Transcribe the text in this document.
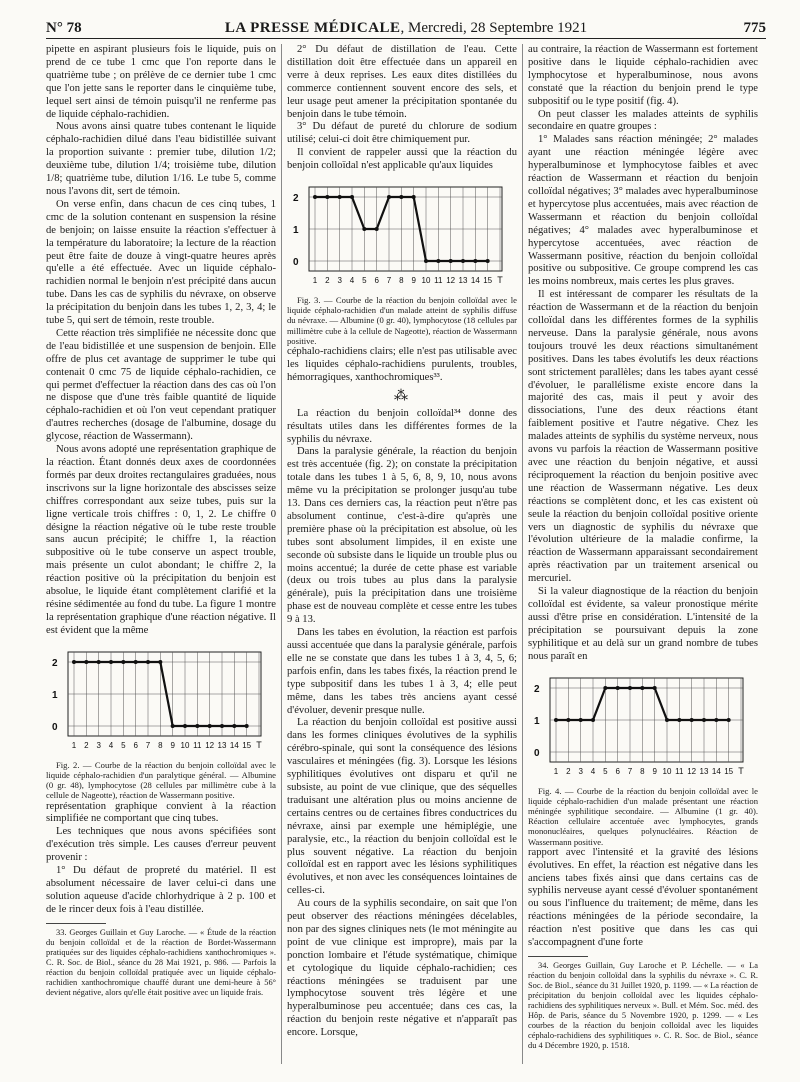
N° 78	LA PRESSE MÉDICALE, Mercredi, 28 Septembre 1921	775

pipette en aspirant plusieurs fois le liquide, puis on prend de ce tube 1 cmc que l'on reporte dans le quatrième tube ; on prélève de ce dernier tube 1 cmc que l'on jette sans le reporter dans le cinquième tube, lequel sert ainsi de témoin puisqu'il ne renferme pas de liquide céphalo-rachidien.

Nous avons ainsi quatre tubes contenant le liquide céphalo-rachidien dilué dans l'eau bidistillée suivant la proportion suivante : premier tube, dilution 1/2; deuxième tube, dilution 1/4; troisième tube, dilution 1/8; quatrième tube, dilution 1/16. Le tube 5, comme nous l'avons dit, sert de témoin.

On verse enfin, dans chacun de ces cinq tubes, 1 cmc de la solution contenant en suspension la résine de benjoin; on laisse ensuite la réaction s'effectuer à la température du laboratoire; la lecture de la réaction peut être faite de douze à vingt-quatre heures après qu'elle a été effectuée. Avec un liquide céphalo-rachidien normal le benjoin n'est précipité dans aucun tube. Dans les cas de syphilis du névraxe, on observe la précipitation du benjoin dans les tubes 1, 2, 3, 4; le tube 5, qui sert de témoin, reste trouble.

Cette réaction très simplifiée ne nécessite donc que de l'eau bidistillée et une suspension de benjoin. Elle offre de plus cet avantage de supprimer le tube qui contenait 0 cmc 75 de liquide céphalo-rachidien, ce qui permet d'effectuer la réaction dans des cas où l'on ne dispose que d'une très faible quantité de liquide céphalo-rachidien et où l'on veut cependant pratiquer d'autres recherches (dosage de l'albumine, dosage du glycose, réaction de Wassermann).

Nous avons adopté une représentation graphique de la réaction. Étant donnés deux axes de coordonnées formés par deux droites rectangulaires graduées, nous inscrivons sur la ligne horizontale des abscisses seize chiffres correspondant aux seize tubes, puis sur la ligne verticale trois chiffres : 0, 1, 2. Le chiffre 0 désigne la réaction négative où le tube reste trouble sans aucun précipité; le chiffre 1, la réaction subpositive où le tube conserve un aspect trouble, mais présente un culot abondant; le chiffre 2, la réaction positive où la précipitation du benjoin est absolue, le liquide étant complètement clarifié et la résine sédimentée au fond du tube. La figure 1 montre la représentation graphique d'une réaction négative. Il est évident que la même

0
1
2
1 2 3 4 5 6 7 8 9 10 11 12 13 14 15 T

Fig. 2. — Courbe de la réaction du benjoin colloïdal avec le liquide céphalo-rachidien d'un paralytique général. — Albumine (0 gr. 48), lymphocytose (28 cellules par millimètre cube à la cellule de Nageotte), réaction de Wassermann positive.

représentation graphique convient à la réaction simplifiée ne comportant que cinq tubes.

Les techniques que nous avons spécifiées sont d'exécution très simple. Les causes d'erreur peuvent provenir :

1° Du défaut de propreté du matériel. Il est absolument nécessaire de laver celui-ci dans une solution aqueuse d'acide chlorhydrique à 2 p. 100 et de le rincer deux fois à l'eau distillée.

33. Georges Guillain et Guy Laroche. — « Étude de la réaction du benjoin colloïdal et de la réaction de Bordet-Wassermann pratiquées sur des liquides céphalo-rachidiens xanthochromiques ». C. R. Soc. de Biol., séance du 28 Mai 1921, p. 986. — Parfois la réaction du benjoin colloïdal pratiquée avec un liquide céphalo-rachidien xanthochromique chauffé durant une demi-heure à 56° devient négative, alors qu'elle était positive avec un liquide frais.

2° Du défaut de distillation de l'eau. Cette distillation doit être effectuée dans un appareil en verre à deux reprises. Les eaux dites distillées du commerce contiennent souvent encore des sels, et leur usage peut amener la précipitation spontanée du benjoin dans le tube témoin.

3° Du défaut de pureté du chlorure de sodium utilisé; celui-ci doit être chimiquement pur.

Il convient de rappeler aussi que la réaction du benjoin colloïdal n'est applicable qu'aux liquides

0
1
2
1 2 3 4 5 6 7 8 9 10 11 12 13 14 15 T

Fig. 3. — Courbe de la réaction du benjoin colloïdal avec le liquide céphalo-rachidien d'un malade atteint de syphilis diffuse du névraxe. — Albumine (0 gr. 40), lymphocytose (18 cellules par millimètre cube à la cellule de Nageotte), réaction de Wassermann positive.

céphalo-rachidiens clairs; elle n'est pas utilisable avec les liquides céphalo-rachidiens purulents, troubles, hémorragiques, xanthochromiques³³.

⁂

La réaction du benjoin colloïdal³⁴ donne des résultats utiles dans les différentes formes de la syphilis du névraxe.

Dans la paralysie générale, la réaction du benjoin est très accentuée (fig. 2); on constate la précipitation totale dans les tubes 1 à 5, 6, 8, 9, 10, nous avons même vu la précipitation se prolonger jusqu'au tube 13. Dans ces derniers cas, la réaction peut n'être pas absolument continue, c'est-à-dire qu'après une première phase où la précipitation est absolue, où les tubes sont absolument limpides, il en existe une seconde où subsiste dans le liquide un trouble plus ou moins accentué; la durée de cette phase est variable (deux ou trois tubes au plus dans la paralysie générale), puis la précipitation dans une troisième phase est de nouveau complète et cesse entre les tubes 9 à 13.

Dans les tabes en évolution, la réaction est parfois aussi accentuée que dans la paralysie générale, parfois elle ne se constate que dans les tubes 1 à 3, 4, 5, 6; parfois enfin, dans les tabes fixés, la réaction prend le type subpositif dans les tubes 1 à 3, 4; elle peut même, dans les tabes très anciens ayant cessé d'évoluer, devenir presque nulle.

La réaction du benjoin colloïdal est positive aussi dans les formes cliniques évolutives de la syphilis cérébro-spinale, qui sont la conséquence des lésions vasculaires et méningées (fig. 3). Lorsque les lésions syphilitiques évolutives ont disparu et qu'il ne subsiste, au point de vue clinique, que des séquelles traduisant une altération plus ou moins ancienne de certains centres ou de certaines fibres conductrices du névraxe, ainsi par exemple une hémiplégie, une paralysie, etc., la réaction du benjoin colloïdal est le plus souvent négative. La réaction du benjoin colloïdal est en rapport avec les lésions syphilitiques évolutives, et non avec les conséquences lointaines de celles-ci.

Au cours de la syphilis secondaire, on sait que l'on peut observer des réactions méningées décelables, non par des signes cliniques nets (le mot méningite au point de vue clinique est impropre), mais par la ponction lombaire et l'étude systématique, chimique et cytologique du liquide céphalo-rachidien; ces réactions méningées se traduisent par une lymphocytose souvent très légère et une hyperalbuminose peu accentuée; dans ces cas, la réaction du benjoin reste négative et n'apparaît pas encore. Lorsque,

au contraire, la réaction de Wassermann est fortement positive dans le liquide céphalo-rachidien avec lymphocytose et hyperalbuminose, nous avons constaté que la réaction du benjoin prend le type subpositif ou le type positif (fig. 4).

On peut classer les malades atteints de syphilis secondaire en quatre groupes :

1° Malades sans réaction méningée; 2° malades ayant une réaction méningée légère avec hyperalbuminose et lymphocytose faibles et avec réaction de Wassermann et réaction du benjoin colloïdal négatives; 3° malades avec hyperalbuminose et hypercytose plus accentuées, mais avec réaction de Wassermann et réaction du benjoin colloïdal négatives; 4° malades avec hyperalbuminose et hypercytose accentuées, avec réaction de Wassermann positive, réaction du benjoin colloïdal positive ou subpositive. Ce groupe comprend les cas les moins nombreux, mais certes les plus graves.

Il est intéressant de comparer les résultats de la réaction de Wassermann et de la réaction du benjoin colloïdal dans les différentes formes de la syphilis nerveuse. Dans la paralysie générale, nous avons toujours trouvé les deux réactions simultanément positives. Dans les tabes évolutifs les deux réactions sont strictement parallèles; dans les tabes ayant cessé d'évoluer, le parallélisme existe encore dans la majorité des cas, mais il peut y avoir des dissociations, l'une des deux réactions étant faiblement positive et l'autre négative. Chez les malades atteints de syphilis du système nerveux, nous avons vu parfois la réaction de Wassermann positive avec une réaction du benjoin négative, et aussi réciproquement la réaction du benjoin positive avec une réaction de Wassermann négative. Les deux réactions se complètent donc, et les cas existent où seule la réaction du benjoin colloïdal positive oriente vers un diagnostic de syphilis du névraxe que l'évolution ultérieure de la maladie confirme, la réaction de Wassermann apparaissant secondairement après réactivation par un traitement arsenical ou mercuriel.

Si la valeur diagnostique de la réaction du benjoin colloïdal est évidente, sa valeur pronostique mérite aussi d'être prise en considération. L'intensité de la précipitation se poursuivant depuis la zone syphilitique et au delà sur un grand nombre de tubes nous paraît en

0
1
2
1 2 3 4 5 6 7 8 9 10 11 12 13 14 15 T

Fig. 4. — Courbe de la réaction du benjoin colloïdal avec le liquide céphalo-rachidien d'un malade présentant une réaction méningée syphilitique secondaire. — Albumine (1 gr. 40). Réaction cellulaire accentuée avec lymphocytes, grands mononucléaires, quelques polynucléaires. Réaction de Wassermann positive.

rapport avec l'intensité et la gravité des lésions évolutives. En effet, la réaction est négative dans les anciens tabes fixés ainsi que dans certains cas de syphilis nerveuse ayant cessé d'évoluer spontanément ou sous l'influence du traitement; de même, dans les réactions méningées de la période secondaire, la réaction n'est positive que dans les cas qui s'accompagnent d'une forte

34. Georges Guillain, Guy Laroche et P. Léchelle. — « La réaction du benjoin colloïdal dans la syphilis du névraxe ». C. R. Soc. de Biol., séance du 31 Juillet 1920, p. 1199. — « La réaction de précipitation du benjoin colloïdal avec les liquides céphalo-rachidiens des syphilitiques nerveux ». Bull. et Mém. Soc. méd. des Hôp. de Paris, séance du 5 Novembre 1920, p. 1299. — « Les courbes de la réaction du benjoin colloïdal avec les liquides céphalo-rachidiens des syphilitiques ». C. R. Soc. de Biol., séance du 4 Décembre 1920, p. 1518.
